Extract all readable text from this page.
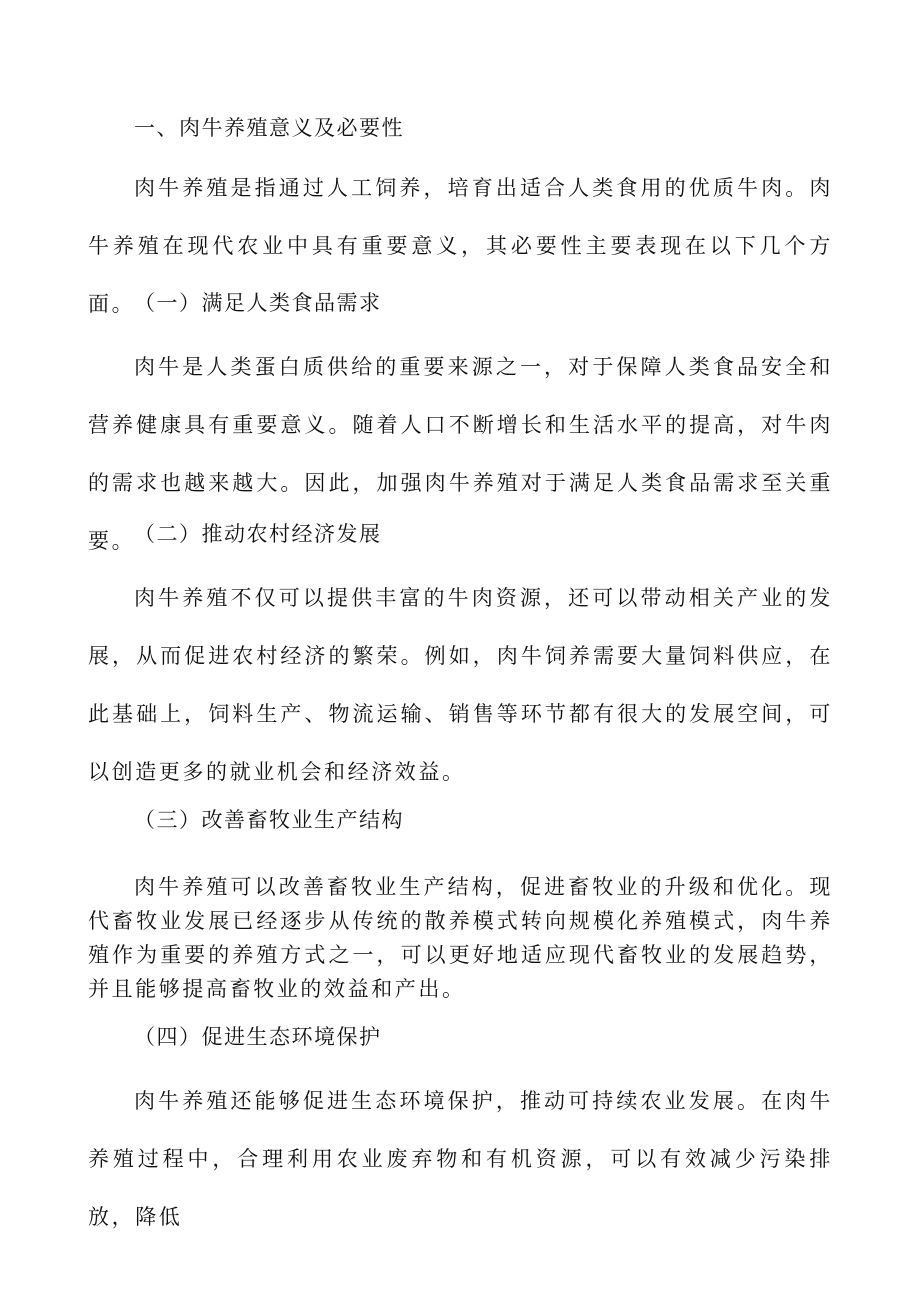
一、肉牛养殖意义及必要性

肉牛养殖是指通过人工饲养，培育出适合人类食用的优质牛肉。肉牛养殖在现代农业中具有重要意义，其必要性主要表现在以下几个方面。

（一）满足人类食品需求

肉牛是人类蛋白质供给的重要来源之一，对于保障人类食品安全和营养健康具有重要意义。随着人口不断增长和生活水平的提高，对牛肉的需求也越来越大。因此，加强肉牛养殖对于满足人类食品需求至关重要。

（二）推动农村经济发展

肉牛养殖不仅可以提供丰富的牛肉资源，还可以带动相关产业的发展，从而促进农村经济的繁荣。例如，肉牛饲养需要大量饲料供应，在此基础上，饲料生产、物流运输、销售等环节都有很大的发展空间，可以创造更多的就业机会和经济效益。

（三）改善畜牧业生产结构

肉牛养殖可以改善畜牧业生产结构，促进畜牧业的升级和优化。现代畜牧业发展已经逐步从传统的散养模式转向规模化养殖模式，肉牛养殖作为重要的养殖方式之一，可以更好地适应现代畜牧业的发展趋势，并且能够提高畜牧业的效益和产出。

（四）促进生态环境保护

肉牛养殖还能够促进生态环境保护，推动可持续农业发展。在肉牛养殖过程中，合理利用农业废弃物和有机资源，可以有效减少污染排放，降低
